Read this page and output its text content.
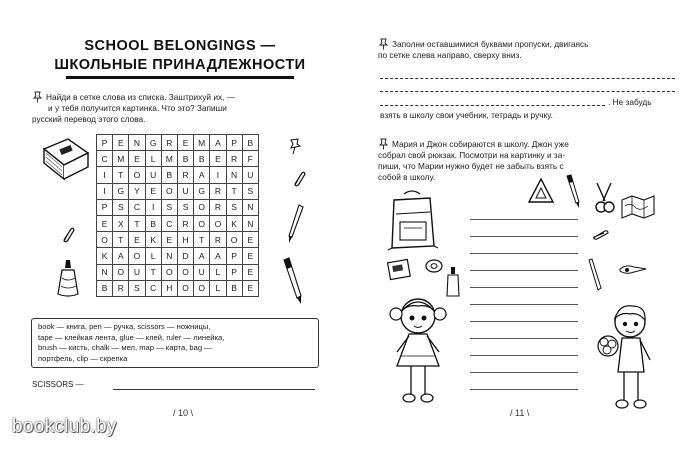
SCHOOL BELONGINGS —
ШКОЛЬНЫЕ ПРИНАДЛЕЖНОСТИ
Найди в сетке слова из списка. Заштрихуй их, —
и у тебя получится картинка. Что это? Запиши
русский перевод этого слова.
P	E	N	G	R	E	M	A	P	B
C	M	E	L	M	B	B	E	R	F
I	T	O	U	B	R	A	I	N	U
I	G	Y	E	O	U	G	R	T	S
P	S	C	I	S	S	O	R	S	N
E	X	T	B	C	R	O	O	K	N
O	T	E	K	E	H	T	R	O	E
K	A	O	L	N	D	A	A	P	E
N	O	U	T	O	O	U	L	P	E
B	R	S	C	H	O	O	L	B	E
book — книга, pen — ручка, scissors — ножницы,
tape — клейкая лента, glue — клей, ruler — линейка,
brush — кисть, chalk — мел, map — карта, bag —
портфель, clip — скрепка
SCISSORS —
/ 10 \
bookclub.by
Заполни оставшимися буквами пропуски, двигаясь
по сетке слева направо, сверху вниз.
. Не забудь
взять в школу свои учебник, тетрадь и ручку.
Мария и Джон собираются в школу. Джон уже
собрал свой рюкзак. Посмотри на картинку и за-
пиши, что Марии нужно будет не забыть взять с
собой в школу.
/ 11 \
